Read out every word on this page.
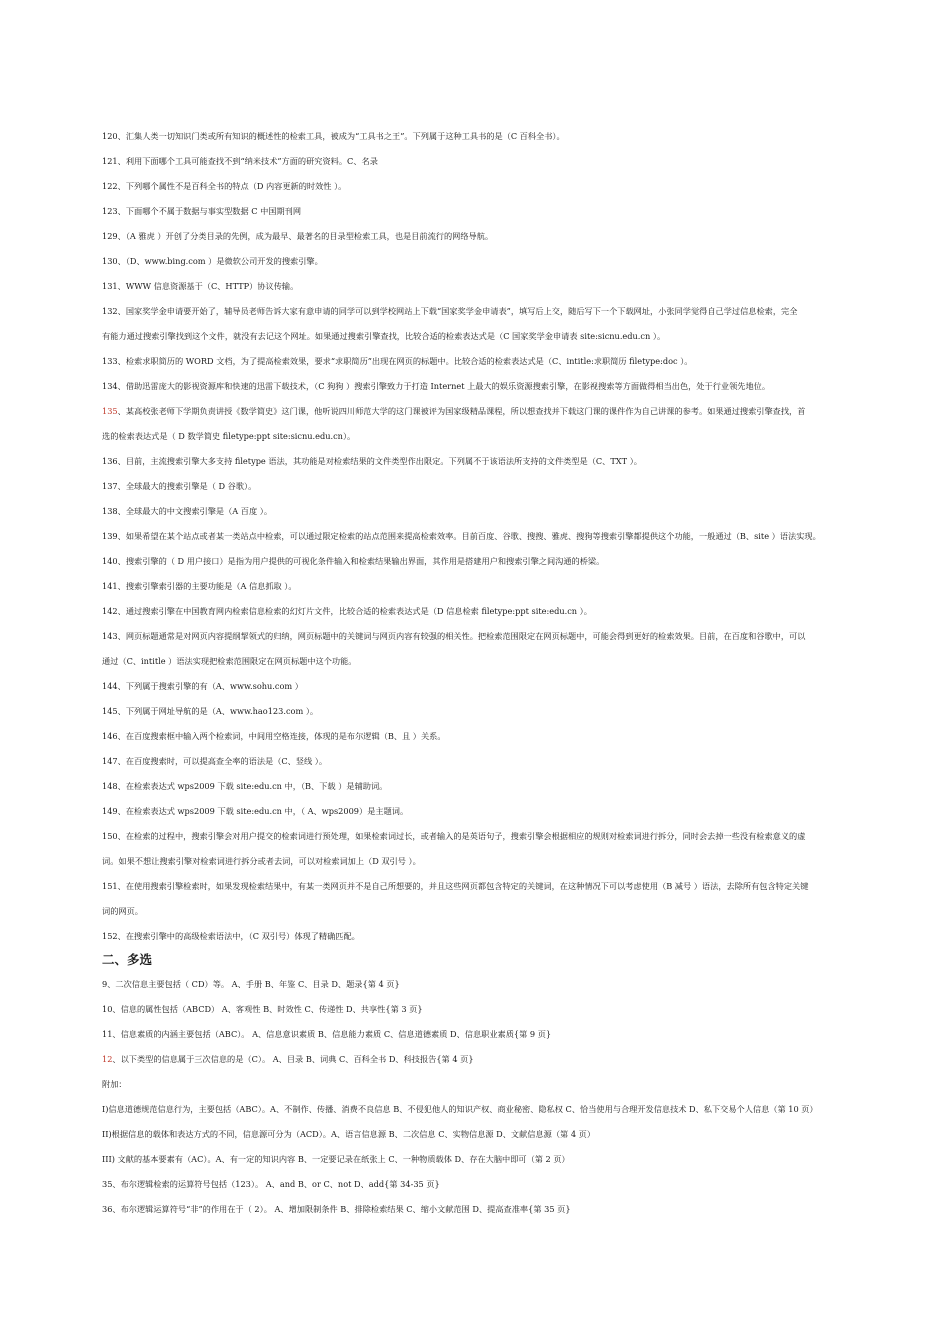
120、汇集人类一切知识门类或所有知识的概述性的检索工具，被成为“工具书之王”。下列属于这种工具书的是（C 百科全书）。
121、利用下面哪个工具可能查找不到“纳米技术”方面的研究资料。C、名录
122、下列哪个属性不是百科全书的特点（D 内容更新的时效性 ）。
123、下面哪个不属于数据与事实型数据 C 中国期刊网
129、（A 雅虎 ）开创了分类目录的先例，成为最早、最著名的目录型检索工具，也是目前流行的网络导航。
130、（D、www.bing.com ）是微软公司开发的搜索引擎。
131、WWW 信息资源基于（C、HTTP）协议传输。
132、国家奖学金申请要开始了，辅导员老师告诉大家有意申请的同学可以到学校网站上下载“国家奖学金申请表”，填写后上交，随后写下一个下载网址，小张同学觉得自己学过信息检索，完全
有能力通过搜索引擎找到这个文件，就没有去记这个网址。如果通过搜索引擎查找，比较合适的检索表达式是（C 国家奖学金申请表 site:sicnu.edu.cn ）。
133、检索求职简历的 WORD 文档，为了提高检索效果，要求“求职简历”出现在网页的标题中。比较合适的检索表达式是（C、intitle:求职简历 filetype:doc ）。
134、借助迅雷庞大的影视资源库和快速的迅雷下载技术，（C 狗狗 ）搜索引擎致力于打造 Internet 上最大的娱乐资源搜索引擎，在影视搜索等方面做得相当出色，处于行业领先地位。
135、某高校张老师下学期负责讲授《数学简史》这门课，他听说四川师范大学的这门课被评为国家级精品课程，所以想查找并下载这门课的课件作为自己讲课的参考。如果通过搜索引擎查找，首
选的检索表达式是（ D 数学简史 filetype:ppt site:sicnu.edu.cn）。
136、目前，主流搜索引擎大多支持 filetype 语法，其功能是对检索结果的文件类型作出限定。下列属不于该语法所支持的文件类型是（C、TXT ）。
137、全球最大的搜索引擎是（ D 谷歌）。
138、全球最大的中文搜索引擎是（A 百度 ）。
139、如果希望在某个站点或者某一类站点中检索，可以通过限定检索的站点范围来提高检索效率。目前百度、谷歌、搜搜、雅虎、搜狗等搜索引擎都提供这个功能，一般通过（B、site ）语法实现。
140、搜索引擎的（ D 用户接口）是指为用户提供的可视化条件输入和检索结果输出界面，其作用是搭建用户和搜索引擎之间沟通的桥梁。
141、搜索引擎索引器的主要功能是（A 信息抓取 ）。
142、通过搜索引擎在中国教育网内检索信息检索的幻灯片文件，比较合适的检索表达式是（D 信息检索 filetype:ppt site:edu.cn ）。
143、网页标题通常是对网页内容提纲挈领式的归纳，网页标题中的关键词与网页内容有较强的相关性。把检索范围限定在网页标题中，可能会得到更好的检索效果。目前，在百度和谷歌中，可以
通过（C、intitle ）语法实现把检索范围限定在网页标题中这个功能。
144、下列属于搜索引擎的有（A、www.sohu.com ）
145、下列属于网址导航的是（A、www.hao123.com ）。
146、在百度搜索框中输入两个检索词，中间用空格连接，体现的是布尔逻辑（B、且 ）关系。
147、在百度搜索时，可以提高查全率的语法是（C、竖线 ）。
148、在检索表达式 wps2009 下载 site:edu.cn 中，（B、下载 ）是辅助词。
149、在检索表达式 wps2009 下载 site:edu.cn 中，（ A、wps2009）是主题词。
150、在检索的过程中，搜索引擎会对用户提交的检索词进行预处理，如果检索词过长，或者输入的是英语句子，搜索引擎会根据相应的规则对检索词进行拆分，同时会去掉一些没有检索意义的虚
词。如果不想让搜索引擎对检索词进行拆分或者去词，可以对检索词加上（D 双引号 ）。
151、在使用搜索引擎检索时，如果发现检索结果中，有某一类网页并不是自己所想要的，并且这些网页都包含特定的关键词，在这种情况下可以考虑使用（B 减号 ）语法，去除所有包含特定关键
词的网页。
152、在搜索引擎中的高级检索语法中，（C 双引号）体现了精确匹配。
二、多选
9、二次信息主要包括（ CD）等。 A、手册 B、年鉴 C、目录 D、题录{第 4 页}
10、信息的属性包括（ABCD） A、客观性 B、时效性 C、传递性 D、共享性{第 3 页}
11、信息素质的内涵主要包括（ABC）。 A、信息意识素质 B、信息能力素质 C、信息道德素质 D、信息职业素质{第 9 页}
12、以下类型的信息属于三次信息的是（C）。 A、目录 B、词典 C、百科全书 D、科技报告{第 4 页}
附加：
I)信息道德规范信息行为，主要包括（ABC）。A、不制作、传播、消费不良信息 B、不侵犯他人的知识产权、商业秘密、隐私权 C、恰当使用与合理开发信息技术 D、私下交易个人信息（第 10 页）
II)根据信息的载体和表达方式的不同，信息源可分为（ACD）。A、语言信息源 B、二次信息 C、实物信息源 D、文献信息源（第 4 页）
III) 文献的基本要素有（AC）。A、有一定的知识内容 B、一定要记录在纸张上 C、一种物质载体 D、存在大脑中即可（第 2 页）
35、布尔逻辑检索的运算符号包括（123）。 A、and B、or C、not D、add{第 34-35 页}
36、布尔逻辑运算符号“非”的作用在于（ 2）。 A、增加限制条件 B、排除检索结果 C、缩小文献范围 D、提高查准率{第 35 页}
